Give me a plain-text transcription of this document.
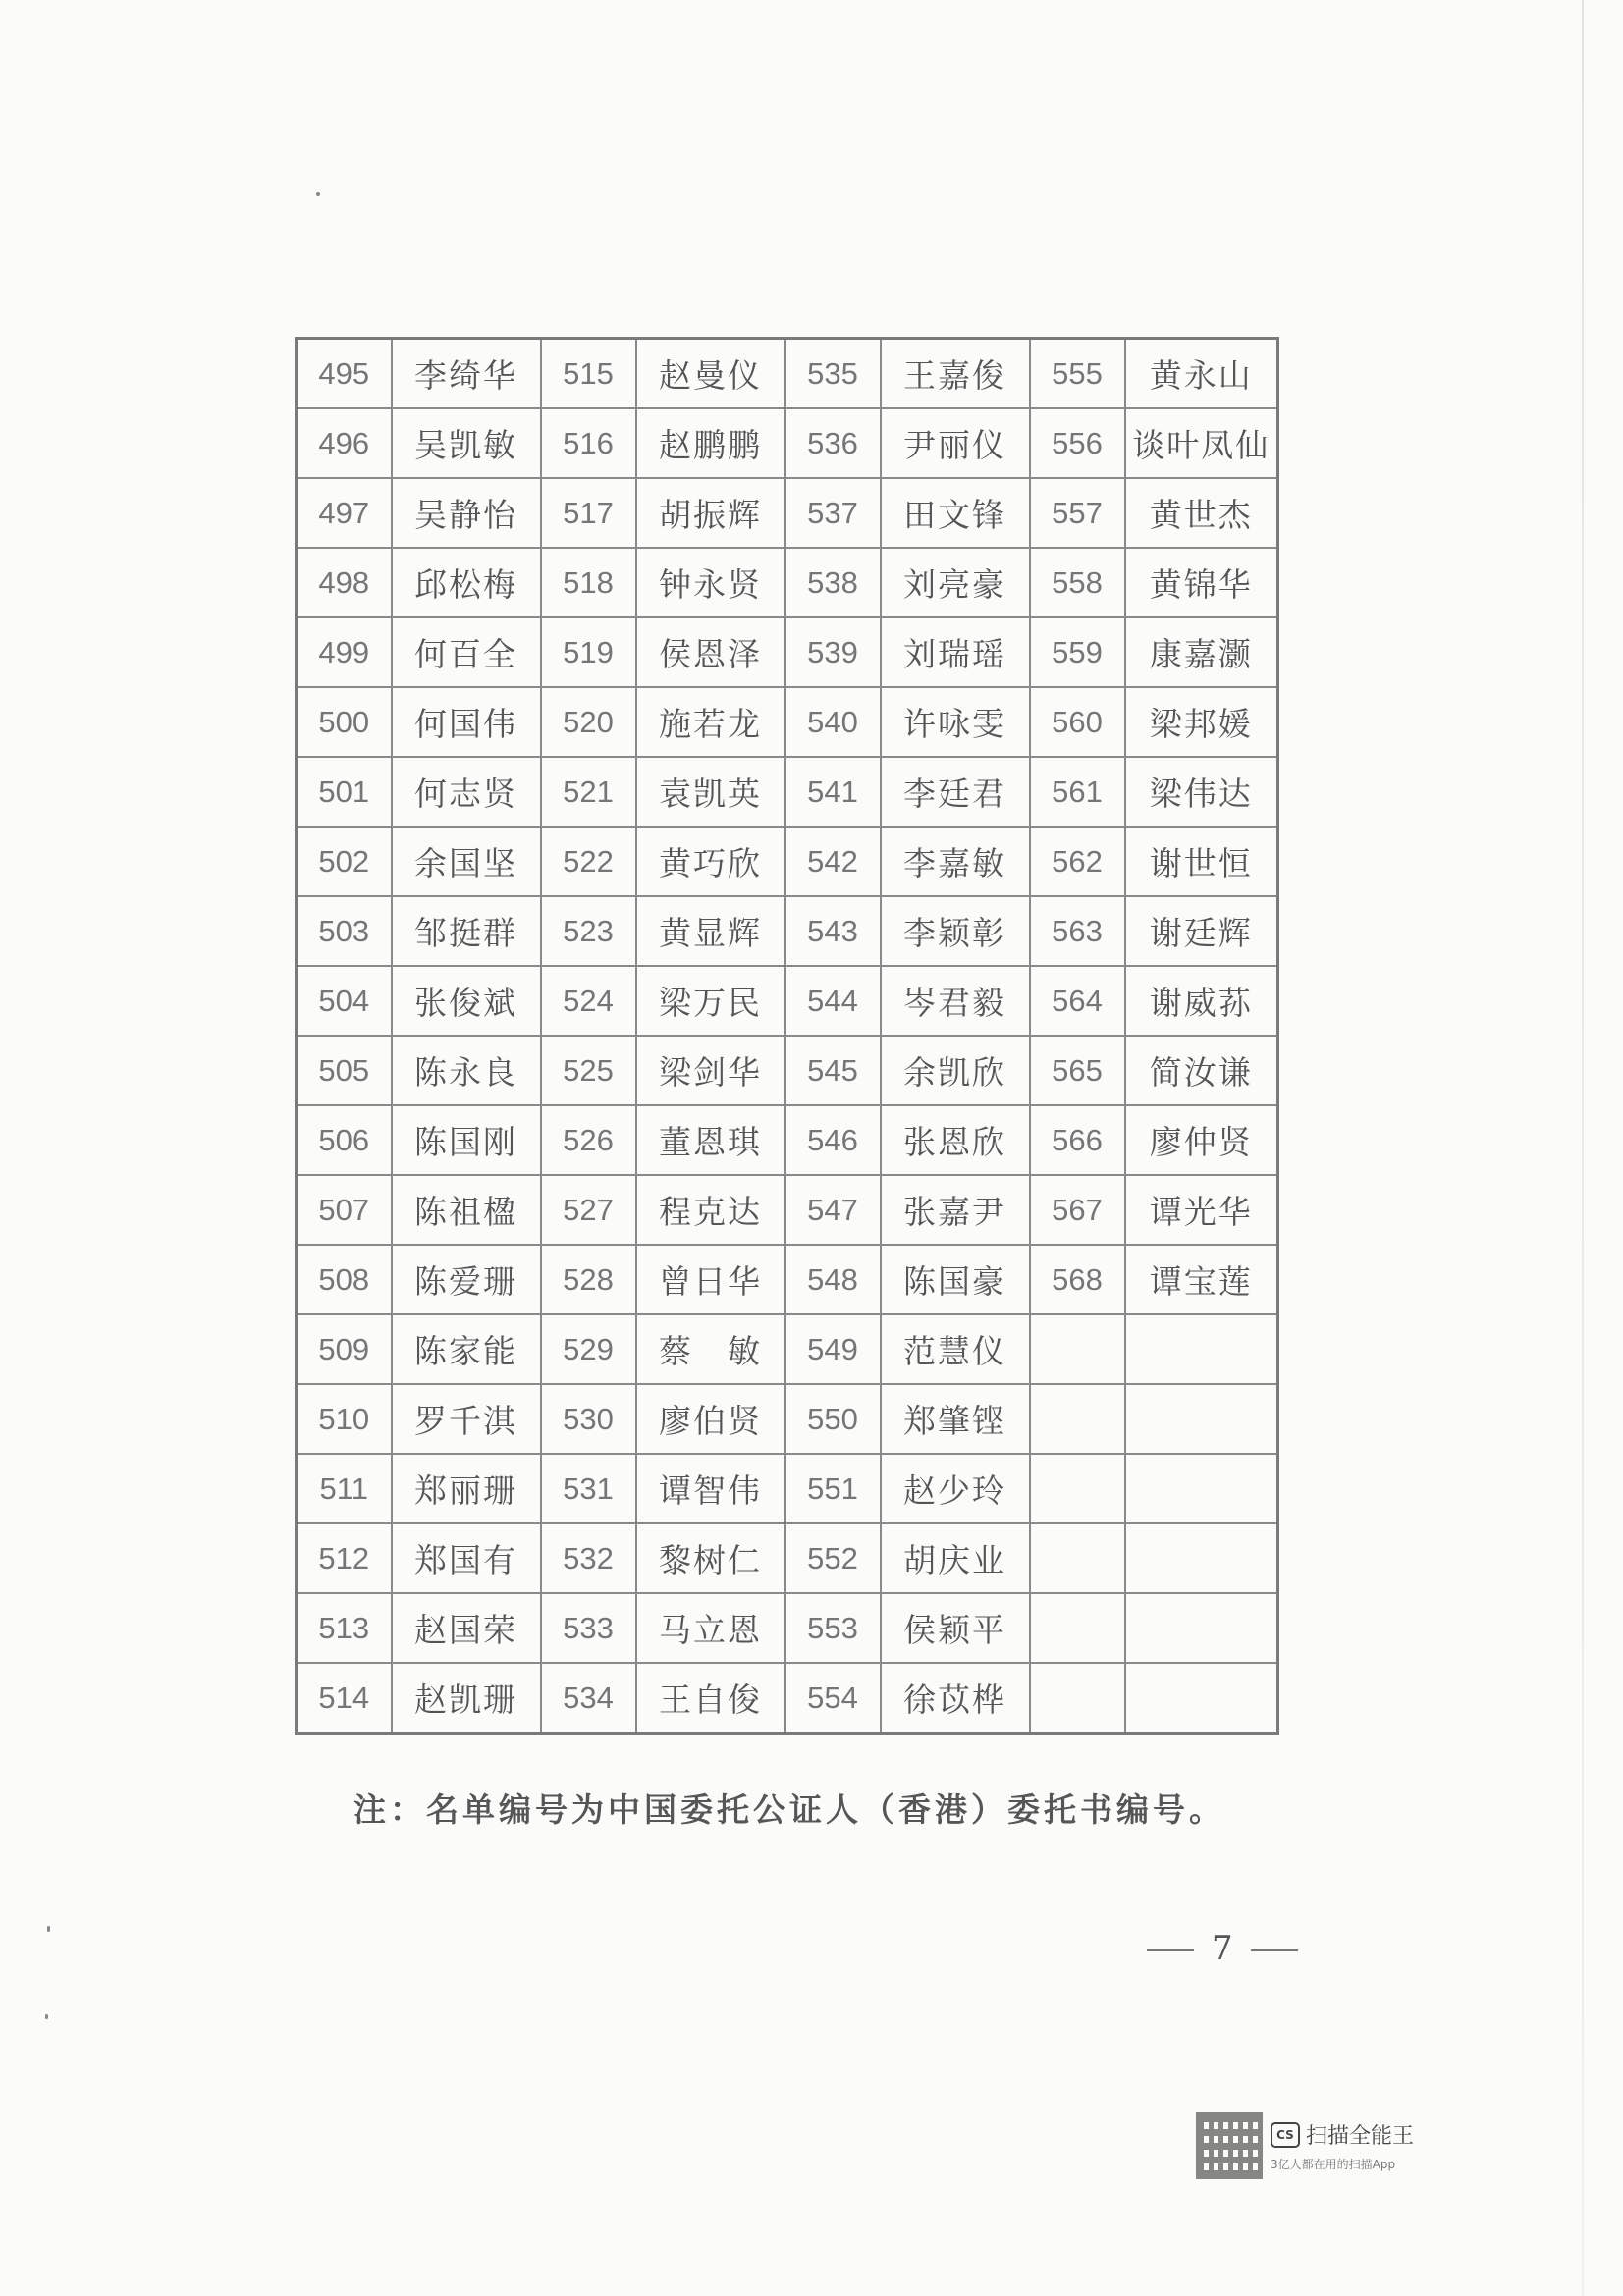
495	李绮华	515	赵曼仪	535	王嘉俊	555	黄永山
496	吴凯敏	516	赵鹏鹏	536	尹丽仪	556	谈叶凤仙
497	吴静怡	517	胡振辉	537	田文锋	557	黄世杰
498	邱松梅	518	钟永贤	538	刘亮豪	558	黄锦华
499	何百全	519	侯恩泽	539	刘瑞瑶	559	康嘉灏
500	何国伟	520	施若龙	540	许咏雯	560	梁邦媛
501	何志贤	521	袁凯英	541	李廷君	561	梁伟达
502	余国坚	522	黄巧欣	542	李嘉敏	562	谢世恒
503	邹挺群	523	黄显辉	543	李颖彰	563	谢廷辉
504	张俊斌	524	梁万民	544	岑君毅	564	谢威荪
505	陈永良	525	梁剑华	545	余凯欣	565	简汝谦
506	陈国刚	526	董恩琪	546	张恩欣	566	廖仲贤
507	陈祖楹	527	程克达	547	张嘉尹	567	谭光华
508	陈爱珊	528	曾日华	548	陈国豪	568	谭宝莲
509	陈家能	529	蔡　敏	549	范慧仪		
510	罗千淇	530	廖伯贤	550	郑肇铿		
511	郑丽珊	531	谭智伟	551	赵少玲		
512	郑国有	532	黎树仁	552	胡庆业		
513	赵国荣	533	马立恩	553	侯颖平		
514	赵凯珊	534	王自俊	554	徐苡桦		
注：名单编号为中国委托公证人（香港）委托书编号。
7
CS 扫描全能王
3亿人都在用的扫描App
